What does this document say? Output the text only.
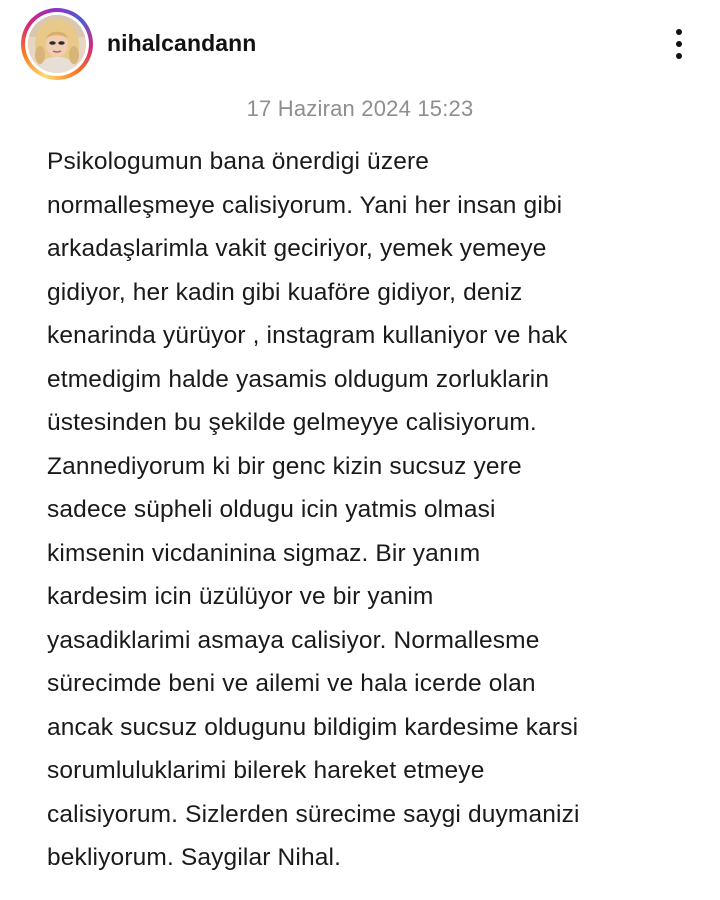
nihalcandann
17 Haziran 2024 15:23
Psikologumun bana önerdigi üzere
normalleşmeye calisiyorum. Yani her insan gibi
arkadaşlarimla vakit geciriyor, yemek yemeye
gidiyor, her kadin gibi kuaföre gidiyor, deniz
kenarinda yürüyor , instagram kullaniyor ve hak
etmedigim halde yasamis oldugum zorluklarin
üstesinden bu şekilde gelmeyye calisiyorum.
Zannediyorum ki bir genc kizin sucsuz yere
sadece süpheli oldugu icin yatmis olmasi
kimsenin vicdaninina sigmaz. Bir yanım
kardesim icin üzülüyor ve bir yanim
yasadiklarimi asmaya calisiyor. Normallesme
sürecimde beni ve ailemi ve hala icerde olan
ancak sucsuz oldugunu bildigim kardesime karsi
sorumluluklarimi bilerek hareket etmeye
calisiyorum. Sizlerden sürecime saygi duymanizi
bekliyorum. Saygilar Nihal.
